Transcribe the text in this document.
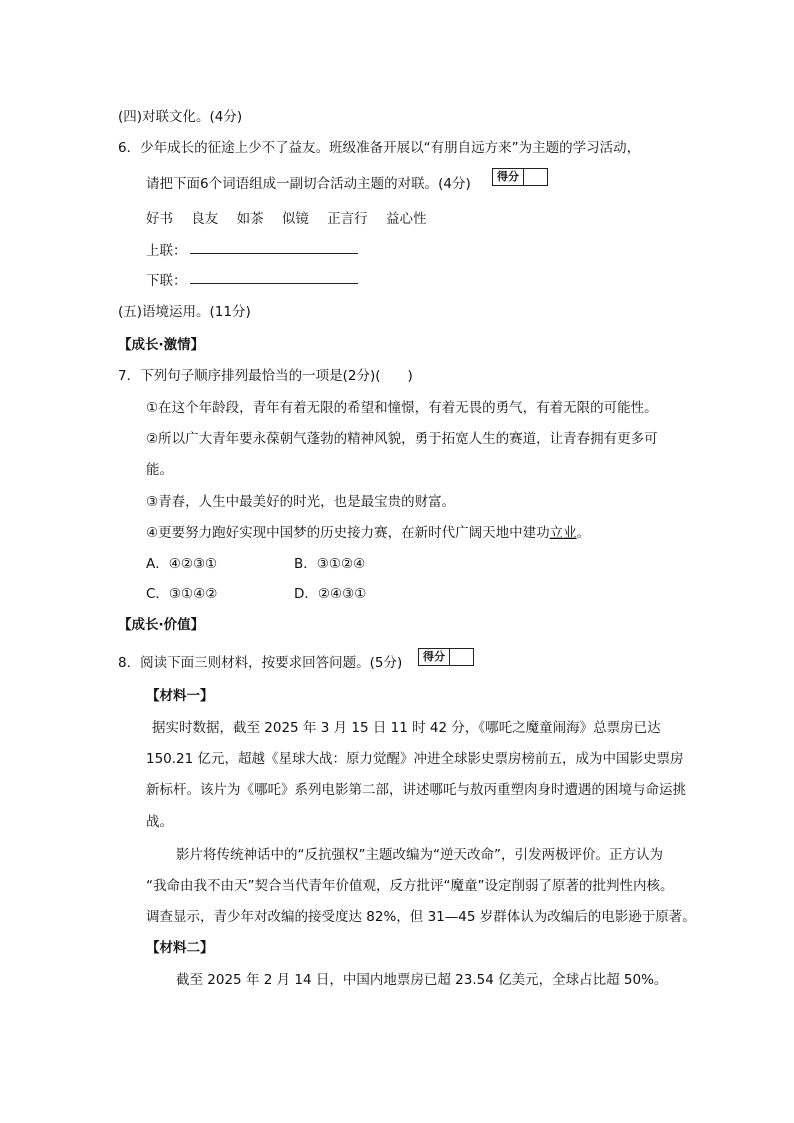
(四)对联文化。(4分)
6．少年成长的征途上少不了益友。班级准备开展以“有朋自远方来”为主题的学习活动，
请把下面6个词语组成一副切合活动主题的对联。(4分)	得分
好书 良友 如茶 似镜 正言行 益心性
上联：
下联：
(五)语境运用。(11分)
【成长·激情】
7．下列句子顺序排列最恰当的一项是(2分)(　　)
①在这个年龄段，青年有着无限的希望和憧憬，有着无畏的勇气，有着无限的可能性。
②所以广大青年要永葆朝气蓬勃的精神风貌，勇于拓宽人生的赛道，让青春拥有更多可
能。
③青春，人生中最美好的时光，也是最宝贵的财富。
④更要努力跑好实现中国梦的历史接力赛，在新时代广阔天地中建功立业。
A．④②③①	B．③①②④
C．③①④②	D．②④③①
【成长·价值】
8．阅读下面三则材料，按要求回答问题。(5分)	得分
【材料一】
据实时数据，截至 2025 年 3 月 15 日 11 时 42 分，《哪吒之魔童闹海》总票房已达
150.21 亿元，超越《星球大战：原力觉醒》冲进全球影史票房榜前五，成为中国影史票房
新标杆。该片为《哪吒》系列电影第二部，讲述哪吒与敖丙重塑肉身时遭遇的困境与命运挑
战。
影片将传统神话中的“反抗强权”主题改编为“逆天改命”，引发两极评价。正方认为
“我命由我不由天”契合当代青年价值观，反方批评“魔童”设定削弱了原著的批判性内核。
调查显示，青少年对改编的接受度达 82%，但 31—45 岁群体认为改编后的电影逊于原著。
【材料二】
截至 2025 年 2 月 14 日，中国内地票房已超 23.54 亿美元，全球占比超 50%。
